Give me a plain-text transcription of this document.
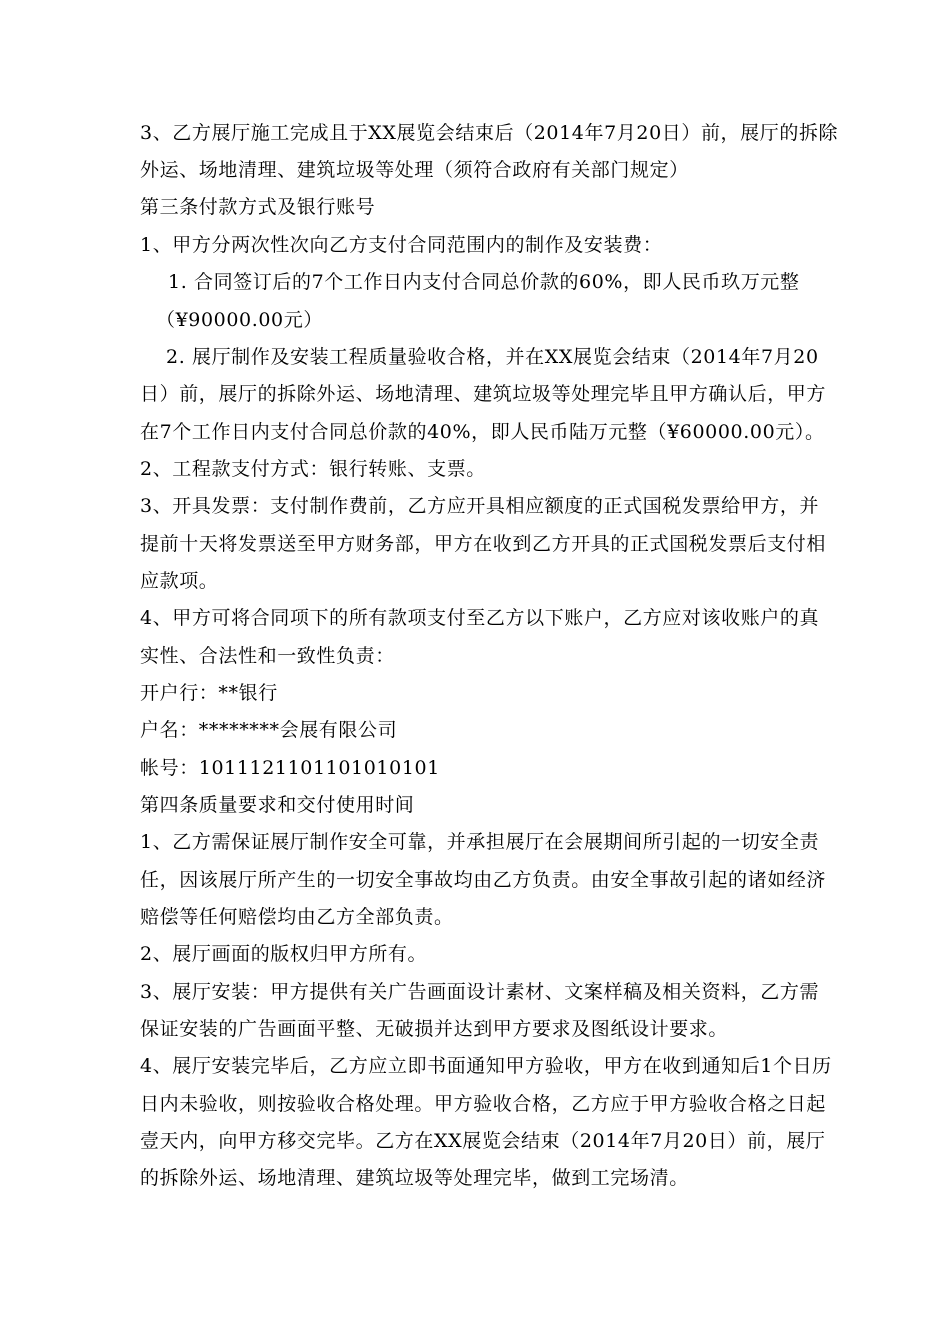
3、乙方展厅施工完成且于XX展览会结束后（2014年7月20日）前，展厅的拆除
外运、场地清理、建筑垃圾等处理（须符合政府有关部门规定）
第三条付款方式及银行账号
1、甲方分两次性次向乙方支付合同范围内的制作及安装费：
1. 合同签订后的7个工作日内支付合同总价款的60%，即人民币玖万元整
（¥90000.00元）
2. 展厅制作及安装工程质量验收合格，并在XX展览会结束（2014年7月20
日）前，展厅的拆除外运、场地清理、建筑垃圾等处理完毕且甲方确认后，甲方
在7个工作日内支付合同总价款的40%，即人民币陆万元整（¥60000.00元）。
2、工程款支付方式：银行转账、支票。
3、开具发票：支付制作费前，乙方应开具相应额度的正式国税发票给甲方，并
提前十天将发票送至甲方财务部，甲方在收到乙方开具的正式国税发票后支付相
应款项。
4、甲方可将合同项下的所有款项支付至乙方以下账户，乙方应对该收账户的真
实性、合法性和一致性负责：
开户行：**银行
户名：********会展有限公司
帐号：1011121101101010101
第四条质量要求和交付使用时间
1、乙方需保证展厅制作安全可靠，并承担展厅在会展期间所引起的一切安全责
任，因该展厅所产生的一切安全事故均由乙方负责。由安全事故引起的诸如经济
赔偿等任何赔偿均由乙方全部负责。
2、展厅画面的版权归甲方所有。
3、展厅安装：甲方提供有关广告画面设计素材、文案样稿及相关资料，乙方需
保证安装的广告画面平整、无破损并达到甲方要求及图纸设计要求。
4、展厅安装完毕后，乙方应立即书面通知甲方验收，甲方在收到通知后1个日历
日内未验收，则按验收合格处理。甲方验收合格，乙方应于甲方验收合格之日起
壹天内，向甲方移交完毕。乙方在XX展览会结束（2014年7月20日）前，展厅
的拆除外运、场地清理、建筑垃圾等处理完毕，做到工完场清。
